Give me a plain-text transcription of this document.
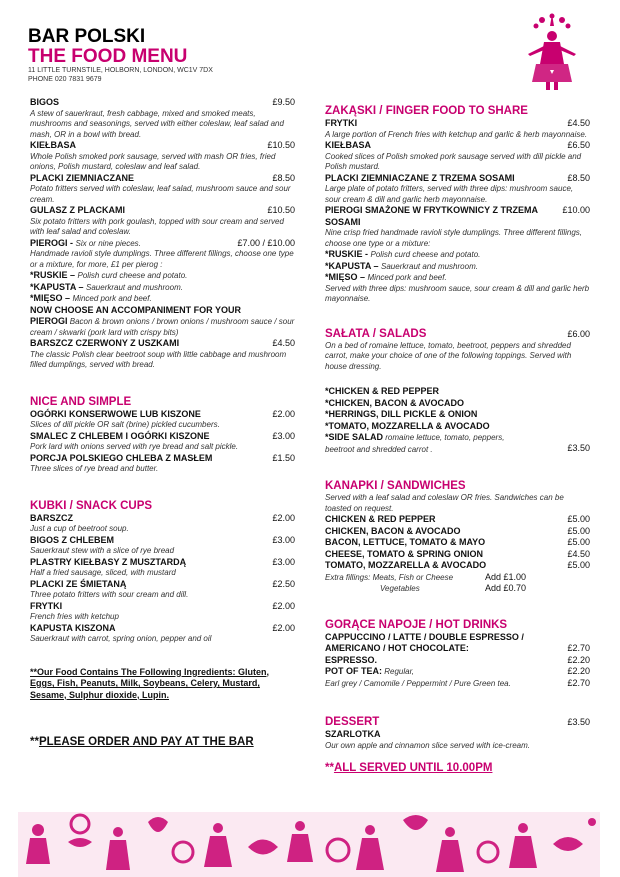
BAR POLSKI
THE FOOD MENU
11 LITTLE TURNSTILE, HOLBORN, LONDON, WC1V 7DX
PHONE 020 7831 9679
BIGOS	£9.50
A stew of sauerkraut, fresh cabbage, mixed and smoked meats, mushrooms and seasonings, served with either coleslaw, leaf salad and mash, OR in a bowl with bread.
KIEŁBASA	£10.50
Whole Polish smoked pork sausage, served with mash OR fries, fried onions, Polish mustard, coleslaw and leaf salad.
PLACKI ZIEMNIACZANE	£8.50
Potato fritters served with coleslaw, leaf salad, mushroom sauce and sour cream.
GULASZ Z PLACKAMI	£10.50
Six potato fritters with pork goulash, topped with sour cream and served with leaf salad and coleslaw.
PIEROGI - Six or nine pieces.	£7.00 / £10.00
Handmade ravioli style dumplings. Three different fillings, choose one type or a mixture, for more, £1 per pierog :
*RUSKIE – Polish curd cheese and potato.
*KAPUSTA – Sauerkraut and mushroom.
*MIĘSO – Minced pork and beef.
NOW CHOOSE AN ACCOMPANIMENT FOR YOUR
PIEROGI Bacon & brown onions / brown onions / mushroom sauce / sour cream / skwarki (pork lard with crispy bits)
BARSZCZ CZERWONY Z USZKAMI	£4.50
The classic Polish clear beetroot soup with little cabbage and mushroom filled dumplings, served with bread.
NICE AND SIMPLE
OGÓRKI KONSERWOWE LUB KISZONE	£2.00
Slices of dill pickle OR salt (brine) pickled cucumbers.
SMALEC Z CHLEBEM I OGÓRKI KISZONE	£3.00
Pork lard with onions served with rye bread and salt pickle.
PORCJA POLSKIEGO CHLEBA Z MASŁEM	£1.50
Three slices of rye bread and butter.
KUBKI / SNACK CUPS
BARSZCZ	£2.00
Just a cup of beetroot soup.
BIGOS Z CHLEBEM	£3.00
Sauerkraut stew with a slice of rye bread
PLASTRY KIEŁBASY Z MUSZTARDĄ	£3.00
Half a fried sausage, sliced, with mustard
PLACKI ZE ŚMIETANĄ	£2.50
Three potato fritters with sour cream and dill.
FRYTKI	£2.00
French fries with ketchup
KAPUSTA KISZONA	£2.00
Sauerkraut with carrot, spring onion, pepper and oil
**Our Food Contains The Following Ingredients: Gluten, Eggs, Fish, Peanuts, Milk, Soybeans, Celery, Mustard, Sesame, Sulphur dioxide, Lupin.
**PLEASE ORDER AND PAY AT THE BAR
ZAKĄSKI / FINGER FOOD TO SHARE
FRYTKI	£4.50
A large portion of French fries with ketchup and garlic & herb mayonnaise.
KIEŁBASA	£6.50
Cooked slices of Polish smoked pork sausage served with dill pickle and Polish mustard.
PLACKI ZIEMNIACZANE Z TRZEMA SOSAMI	£8.50
Large plate of potato fritters, served with three dips: mushroom sauce, sour cream & dill and garlic herb mayonnaise.
PIEROGI SMAŻONE W FRYTKOWNICY Z TRZEMA SOSAMI
£10.00
Nine crisp fried handmade ravioli style dumplings. Three different fillings, choose one type or a mixture:
*RUSKIE - Polish curd cheese and potato.
*KAPUSTA – Sauerkraut and mushroom.
*MIĘSO – Minced pork and beef.
Served with three dips: mushroom sauce, sour cream & dill and garlic herb mayonnaise.
SAŁATA / SALADS	£6.00
On a bed of romaine lettuce, tomato, beetroot, peppers and shredded carrot, make your choice of one of the following toppings. Served with house dressing.
*CHICKEN & RED PEPPER
*CHICKEN, BACON & AVOCADO
*HERRINGS, DILL PICKLE & ONION
*TOMATO, MOZZARELLA & AVOCADO
*SIDE SALAD romaine lettuce, tomato, peppers, beetroot and shredded carrot .	£3.50
KANAPKI / SANDWICHES
Served with a leaf salad and coleslaw OR fries. Sandwiches can be toasted on request.
CHICKEN & RED PEPPER	£5.00
CHICKEN, BACON & AVOCADO	£5.00
BACON, LETTUCE, TOMATO & MAYO	£5.00
CHEESE, TOMATO & SPRING ONION	£4.50
TOMATO, MOZZARELLA & AVOCADO	£5.00
Extra fillings: Meats, Fish or Cheese	Add £1.00
Vegetables	Add £0.70
GORĄCE NAPOJE / HOT DRINKS
CAPPUCCINO / LATTE / DOUBLE ESPRESSO /
AMERICANO / HOT CHOCOLATE:	£2.70
ESPRESSO.	£2.20
POT OF TEA: Regular,	£2.20
Earl grey / Camomile / Peppermint / Pure Green tea.	£2.70
DESSERT	£3.50
SZARLOTKA
Our own apple and cinnamon slice served with ice-cream.
**ALL SERVED UNTIL 10.00PM
